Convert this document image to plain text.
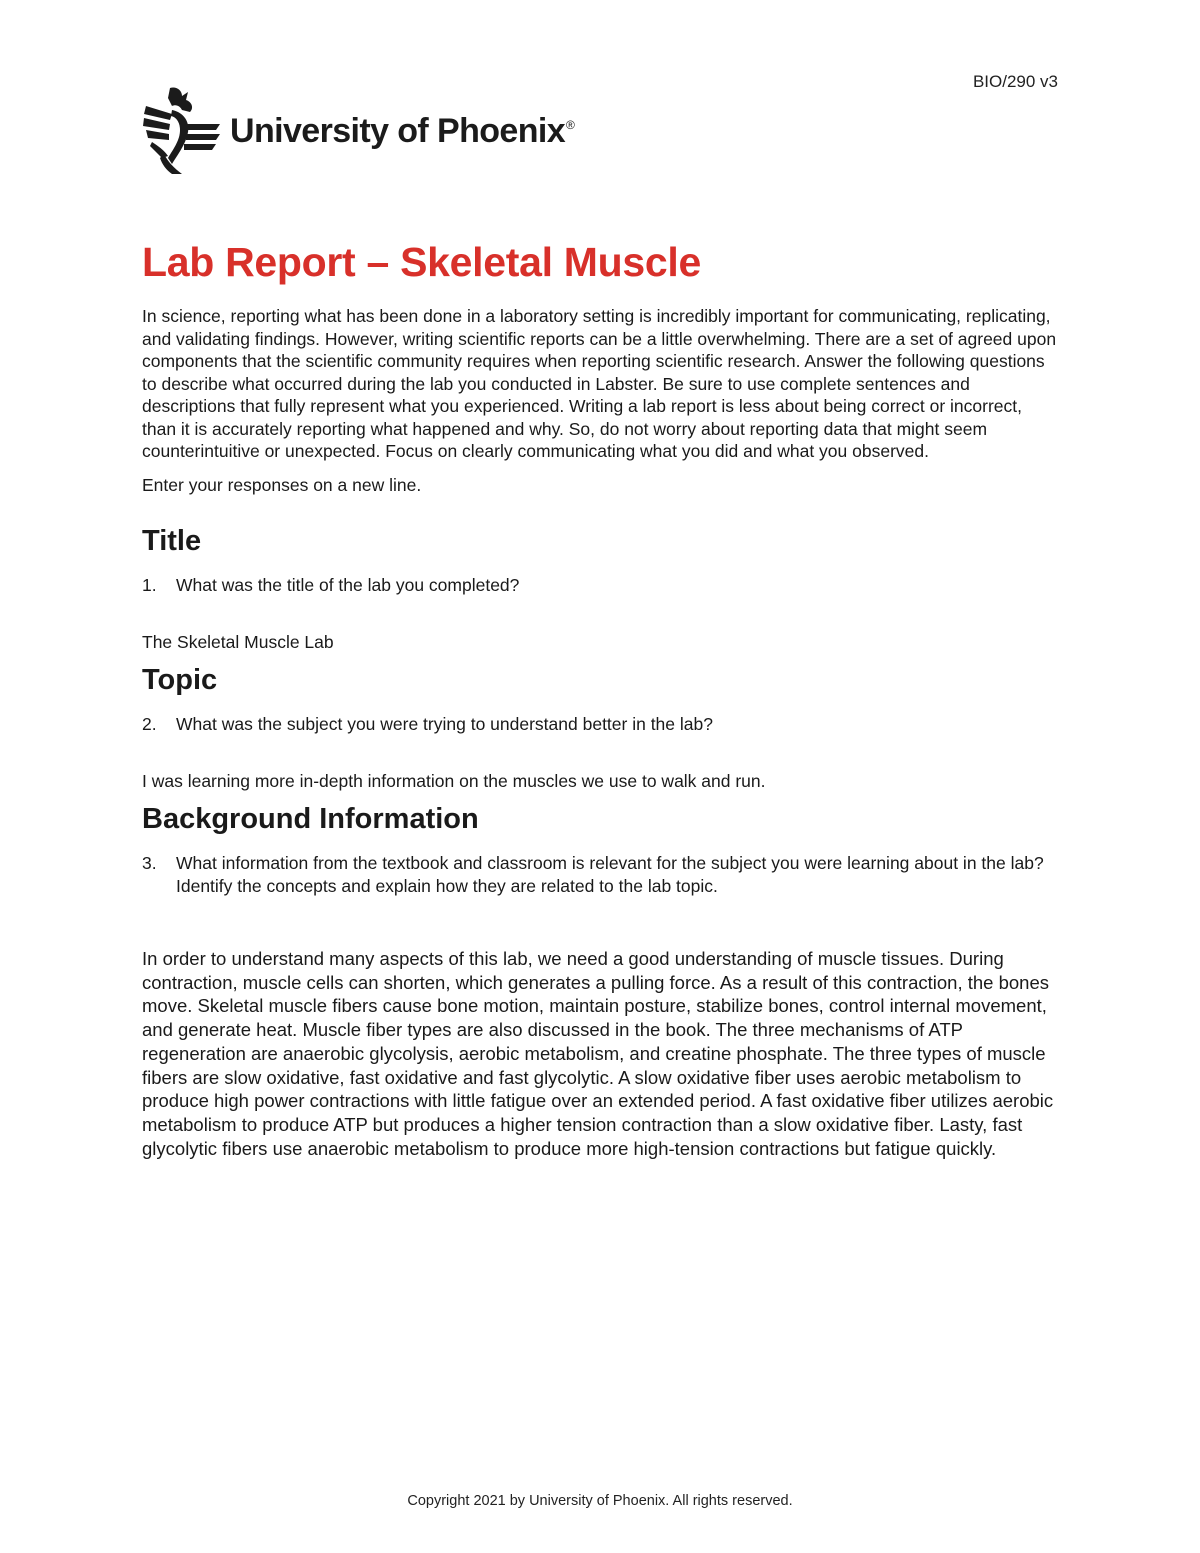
BIO/290 v3
University of Phoenix®
Lab Report – Skeletal Muscle

In science, reporting what has been done in a laboratory setting is incredibly important for communicating, replicating, and validating findings. However, writing scientific reports can be a little overwhelming. There are a set of agreed upon components that the scientific community requires when reporting scientific research. Answer the following questions to describe what occurred during the lab you conducted in Labster. Be sure to use complete sentences and descriptions that fully represent what you experienced. Writing a lab report is less about being correct or incorrect, than it is accurately reporting what happened and why. So, do not worry about reporting data that might seem counterintuitive or unexpected. Focus on clearly communicating what you did and what you observed.

Enter your responses on a new line.

Title
1.	What was the title of the lab you completed?

The Skeletal Muscle Lab

Topic
2.	What was the subject you were trying to understand better in the lab?

I was learning more in-depth information on the muscles we use to walk and run.

Background Information
3.	What information from the textbook and classroom is relevant for the subject you were learning about in the lab? Identify the concepts and explain how they are related to the lab topic.

In order to understand many aspects of this lab, we need a good understanding of muscle tissues. During contraction, muscle cells can shorten, which generates a pulling force. As a result of this contraction, the bones move. Skeletal muscle fibers cause bone motion, maintain posture, stabilize bones, control internal movement, and generate heat. Muscle fiber types are also discussed in the book. The three mechanisms of ATP regeneration are anaerobic glycolysis, aerobic metabolism, and creatine phosphate. The three types of muscle fibers are slow oxidative, fast oxidative and fast glycolytic. A slow oxidative fiber uses aerobic metabolism to produce high power contractions with little fatigue over an extended period. A fast oxidative fiber utilizes aerobic metabolism to produce ATP but produces a higher tension contraction than a slow oxidative fiber. Lasty, fast glycolytic fibers use anaerobic metabolism to produce more high-tension contractions but fatigue quickly.

Copyright 2021 by University of Phoenix. All rights reserved.
